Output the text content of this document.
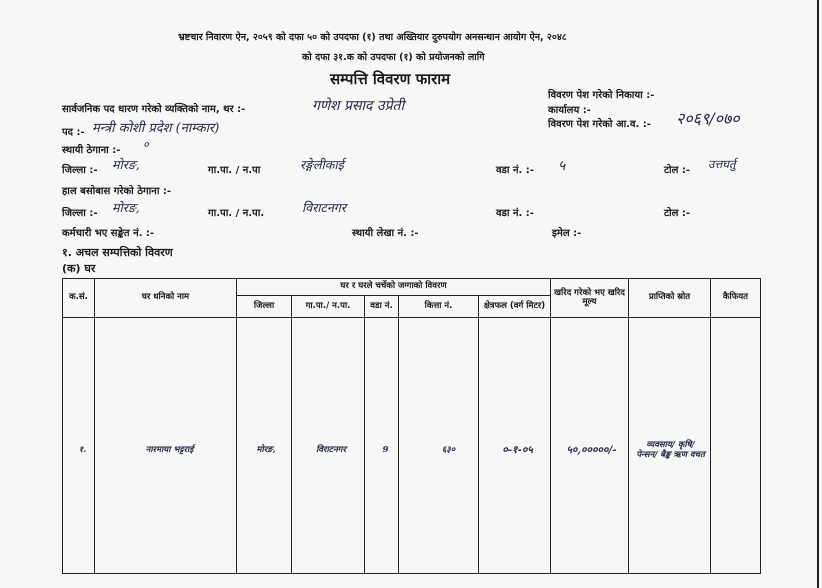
भ्रष्टचार निवारण ऐन, २०५९ को दफा ५० को उपदफा (१) तथा अख्तियार दुरुपयोग अनसन्धान आयोग ऐन, २०४८
को दफा ३१.क को उपदफा (१) को प्रयोजनको लागि
सम्पत्ति विवरण फाराम
विवरण पेश गरेको निकाया :-
कार्यालय :-
विवरण पेश गरेको आ.व. :- २०६९/०७०
सार्वजनिक पद धारण गरेको व्यक्तिको नाम, थर :-	गणेश प्रसाद उप्रेती
पद :- मन्त्री कोशी प्रदेश (नाम्कार)
स्थायी ठेगाना :- ०
जिल्ला :- मोरङ,	गा.पा. / न.पा	रङ्गेलीकाई	वडा नं. :- ५	टोल :- उत्तघर्तु
हाल बसोबास गरेको ठेगाना :-
जिल्ला :- मोरङ,	गा.पा. / न.पा.	विराटनगर	वडा नं. :-	टोल :-
कर्मचारी भए सङ्केत नं. :-	स्थायी लेखा नं. :-	इमेल :-
१. अचल सम्पत्तिको विवरण
(क) घर
क.सं.	घर धनिको नाम	घर र घरले चर्चेको जग्गाको विवरण					खरिद गरेको भए खरिद मूल्य	प्राप्तिको स्रोत	कैफियत
		जिल्ला	गा.पा./ न.पा.	वडा नं.	कित्ता नं.	क्षेत्रफल (वर्ग मिटर)			
१.	नारमाया भट्टराई	मोरङ,	विराटनगर	9	६३०	०-१-०५	५०,०००००/-	व्यवसाय/ कृषि/ पेन्सन/ बैङ्क ऋण वचत	
